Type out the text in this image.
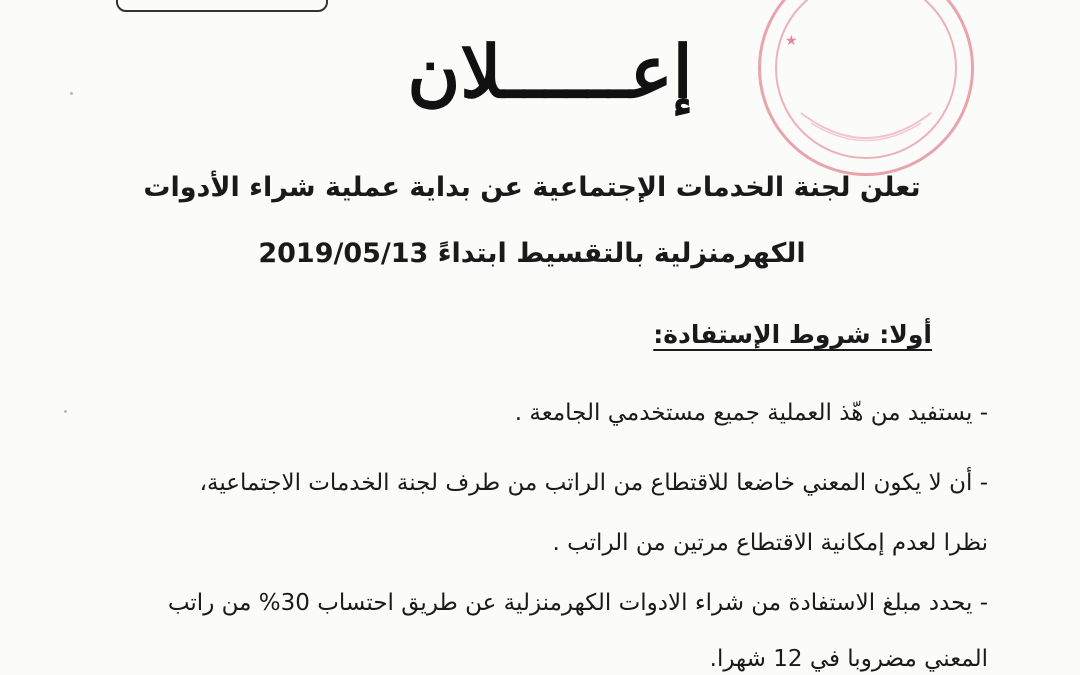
★
إعــــــلان
تعلن لجنة الخدمات الإجتماعية عن بداية عملية شراء الأدوات
الكهرمنزلية بالتقسيط ابتداءً 2019/05/13
أولا: شروط الإستفادة:
- يستفيد من هّذ العملية جميع مستخدمي الجامعة .
- أن لا يكون المعني خاضعا للاقتطاع من الراتب من طرف لجنة الخدمات الاجتماعية،
نظرا لعدم إمكانية الاقتطاع مرتين من الراتب .
- يحدد مبلغ الاستفادة من شراء الادوات الكهرمنزلية عن طريق احتساب 30% من راتب
المعني مضروبا في 12 شهرا.
